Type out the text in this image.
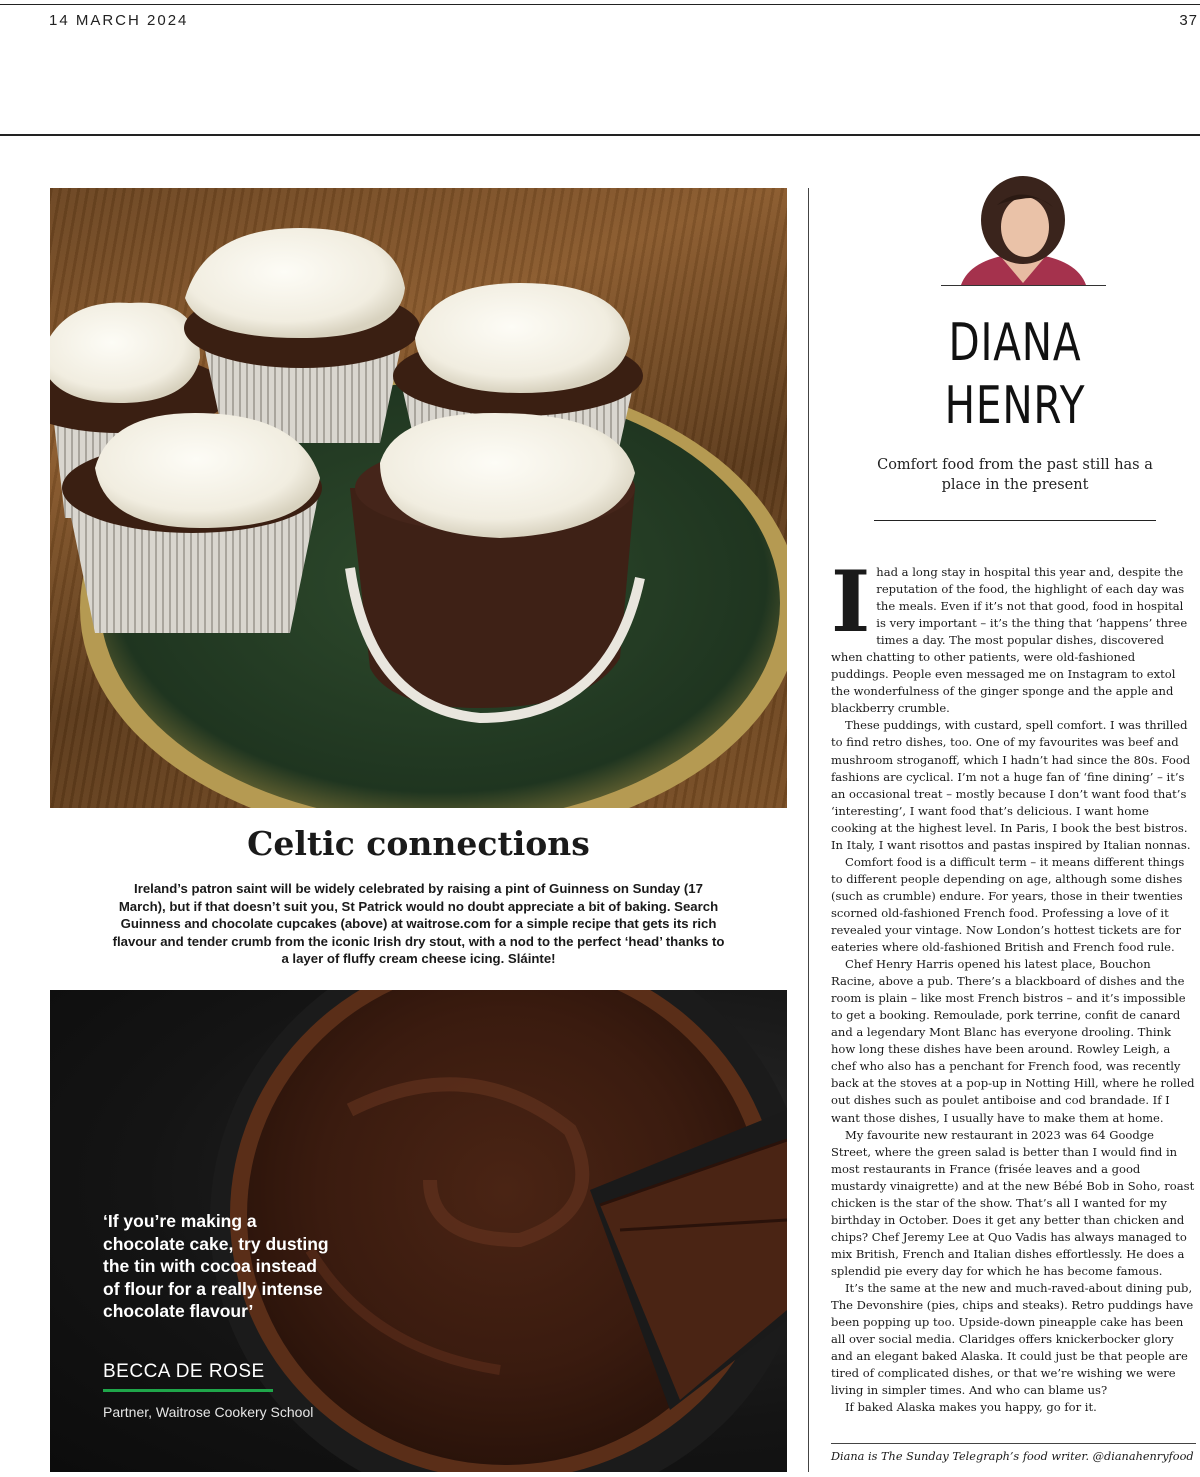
14 MARCH 2024	37
Celtic connections
Ireland’s patron saint will be widely celebrated by raising a pint of Guinness on Sunday (17 March), but if that doesn’t suit you, St Patrick would no doubt appreciate a bit of baking. Search Guinness and chocolate cupcakes (above) at waitrose.com for a simple recipe that gets its rich flavour and tender crumb from the iconic Irish dry stout, with a nod to the perfect ‘head’ thanks to a layer of fluffy cream cheese icing. Sláinte!
‘If you’re making a chocolate cake, try dusting the tin with cocoa instead of flour for a really intense chocolate flavour’
BECCA DE ROSE
Partner, Waitrose Cookery School
DIANA
HENRY
Comfort food from the past still has a place in the present

Ihad a long stay in hospital this year and, despite the reputation of the food, the highlight of each day was the meals. Even if it’s not that good, food in hospital is very important – it’s the thing that ‘happens’ three times a day. The most popular dishes, discovered when chatting to other patients, were old-fashioned puddings. People even messaged me on Instagram to extol the wonderfulness of the ginger sponge and the apple and blackberry crumble.

These puddings, with custard, spell comfort. I was thrilled to find retro dishes, too. One of my favourites was beef and mushroom stroganoff, which I hadn’t had since the 80s. Food fashions are cyclical. I’m not a huge fan of ‘fine dining’ – it’s an occasional treat – mostly because I don’t want food that’s ‘interesting’, I want food that’s delicious. I want home cooking at the highest level. In Paris, I book the best bistros. In Italy, I want risottos and pastas inspired by Italian nonnas.

Comfort food is a difficult term – it means different things to different people depending on age, although some dishes (such as crumble) endure. For years, those in their twenties scorned old-fashioned French food. Professing a love of it revealed your vintage. Now London’s hottest tickets are for eateries where old-fashioned British and French food rule.

Chef Henry Harris opened his latest place, Bouchon Racine, above a pub. There’s a blackboard of dishes and the room is plain – like most French bistros – and it’s impossible to get a booking. Remoulade, pork terrine, confit de canard and a legendary Mont Blanc has everyone drooling. Think how long these dishes have been around. Rowley Leigh, a chef who also has a penchant for French food, was recently back at the stoves at a pop-up in Notting Hill, where he rolled out dishes such as poulet antiboise and cod brandade. If I want those dishes, I usually have to make them at home.

My favourite new restaurant in 2023 was 64 Goodge Street, where the green salad is better than I would find in most restaurants in France (frisée leaves and a good mustardy vinaigrette) and at the new Bébé Bob in Soho, roast chicken is the star of the show. That’s all I wanted for my birthday in October. Does it get any better than chicken and chips? Chef Jeremy Lee at Quo Vadis has always managed to mix British, French and Italian dishes effortlessly. He does a splendid pie every day for which he has become famous.

It’s the same at the new and much-raved-about dining pub, The Devonshire (pies, chips and steaks). Retro puddings have been popping up too. Upside-down pineapple cake has been all over social media. Claridges offers knickerbocker glory and an elegant baked Alaska. It could just be that people are tired of complicated dishes, or that we’re wishing we were living in simpler times. And who can blame us?

If baked Alaska makes you happy, go for it.

Diana is The Sunday Telegraph’s food writer. @dianahenryfood
